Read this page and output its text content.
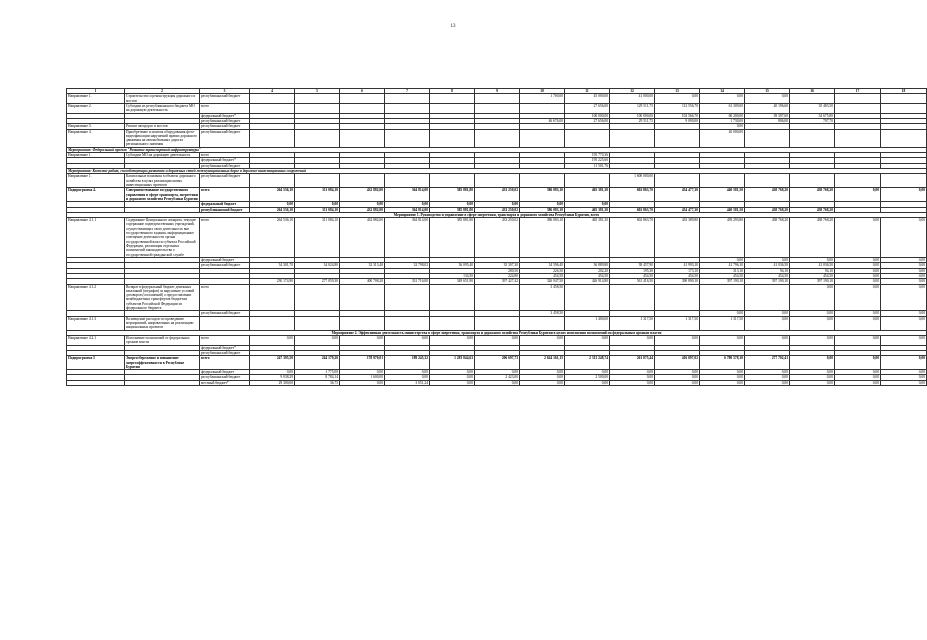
13
1	2	3	4	5	6	7	8	9	10	11	12	13	14	15	16	17	18
Направление 1.	Строительство и реконструкция дорожного и мостов	республиканский бюджет							1 700,00	45 000,00	41 000,00	0,00	0,00	0,00			
Направление 2.	Субсидии из республиканского бюджета МО на дорожную деятельность	всего								27 656,00	129 511,75	112 556,70	61 309,00	40 196,60	35 483,50		
		федеральный бюджет*								100 000,00	100 000,00	102 566,70	60 200,00	39 397,60	34 675,80		
		республиканский бюджет							46 676,00	27 656,00	29 511,75	9 090,00	1 730,00	806,00	707,70		
Направление 3.	Ремонт автодорог и мостов	республиканский бюджет											0,00				
Направление 4.	Приобретение и монтаж оборудования фото-видеофиксации нарушений правил дорожного движения на автомобильных дорогах регионального значения	республиканский бюджет											20 000,00				
Мероприятие: Федеральный проект "Развитие транспортной инфраструктуры"																	
Направление 1.	Субсидии МО на дорожную деятельность	всего								195 770,36							
		федеральный бюджет*								195 225,60							
		республиканский бюджет								11 501,76							
Мероприятие: Комплекс работ, способствующих развитию и дорожных сетей межмуниципальных дорог и дорожно-инвестиционных сооружений																	
Направление 1.	Капитальные вложения в объекты дорожного хозяйства в целях реализации новых инвестиционных проектов	республиканский бюджет									1 600 000,00						
Подпрограмма 4.	Совершенствование государственного управления в сфере транспорта, энергетики и дорожного хозяйства Республики Бурятия	всего	264 536,10	311 084,10	432 882,00	364 814,00	385 881,80	433 250,02	386 083,10	465 381,30	602 863,70	434 477,30	440 581,50	438 768,20	438 768,20	0,00	0,00
		федеральный бюджет	0,00	0,00	0,00	0,00	0,00	0,00	0,00	0,00							
		республиканский бюджет	264 536,10	311 084,10	432 882,00	364 814,00	385 881,80	433 250,02	386 083,10	465 381,30	602 863,70	434 477,30	440 581,50	438 768,20	438 768,20		
Мероприятие 1. Руководство и управление в сфере энергетики, транспорта и дорожного хозяйства Республики Бурятия, всего																	
Направление 4.1.1	Содержание Центрального аппарата, текущее содержание подведомственных учреждений, осуществляющих свою деятельность вне государственного задания, информационное освещение деятельности органа государственной власти субъекта Российской Федерации, реализация отдельных полномочий законодательства о государственной гражданской службе	всего	264 536,10	311 084,10	432 882,00	364 814,00	385 881,80	433 250,02	386 083,10	465 381,30	602 863,70	433 389,80	439 293,80	438 768,20	438 768,20	0,00	0,00
		федеральный бюджет											0,00	0,00	0,00	0,00	0,00
		республиканский бюджет	34 301,70	34 024,80	32 313,40	32 798,02	36 095,40	35 307,30	34 596,40	36 889,80	38 457,90	41 993,10	41 796,10	41 036,50	41 036,50	0,00	0,00
								280,50	226,50	202,20	195,30	173,10	313,10	94,10	94,10	0,00	0,00
							134,50	224,80	454,50	454,50	454,50	454,50	454,50	454,50	454,50	0,00	0,00
			230 174,90	277 059,30	400 708,20	331 716,00	349 651,90	397 427,42	326 947,50	426 914,80	561 416,50	390 890,10	397 190,10	397 190,10	397 190,10	0,00	0,00
Направление 4.1.2	Возврат в федеральный бюджет денежных взысканий (штрафов) за нарушение условий договоров (соглашений) о предоставлении межбюджетных трансфертов бюджетам субъектов Российской Федерации из федерального бюджета	всего							3 458,50						0,00	0,00	0,00
		республиканский бюджет							3 458,50				0,00	0,00	0,00	0,00	0,00
Направление 4.1.3	Возмещение расходов по проведению мероприятий, направленных на реализацию национальных проектов									1 400,00	1 317,50	1 317,50	1 317,50	0,00	0,00	0,00	0,00
Мероприятие 2. Эффективная деятельность министерства в сфере энергетики, транспорта и дорожного хозяйства Республики Бурятия в целях исполнения полномочий по федеральным органам власти																	
Направление 4.2.1	Исполнение полномочий от федеральных органов власти	всего	0,00	0,00	0,00	0,00	0,00	0,00	0,00	0,00	0,00	0,00	0,00	0,00	0,00	0,00	0,00
		федеральный бюджет*															
		республиканский бюджет															
Подпрограмма 5	Энергосбережение и повышение энергоэффективности в Республике Бурятия	всего	247 395,50	244 179,20	178 970,01	189 245,32	1 283 844,63	206 697,73	2 624 161,15	2 313 248,74	261 075,44	416 097,02	6 780 578,10	277 702,41	0,00	0,00	0,00
		федеральный бюджет	0,00	1 775,00	0,00	0,00	0,00	0,00	0,00	0,00	0,00	0,00	0,00	0,00	0,00	0,00	0,00
		республиканский бюджет	9 038,29	8 784,14	1 600,00	0,00	0,00	2 423,00	0,00	2 500,00	0,00	0,00	0,00	0,00	0,00	0,00	0,00
		местный бюджет*	29 300,00	36,75	0,00	3 051,24	0,00	0,00	0,00	0,00	0,00	0,00	0,00	0,00	0,00	0,00	0,00
